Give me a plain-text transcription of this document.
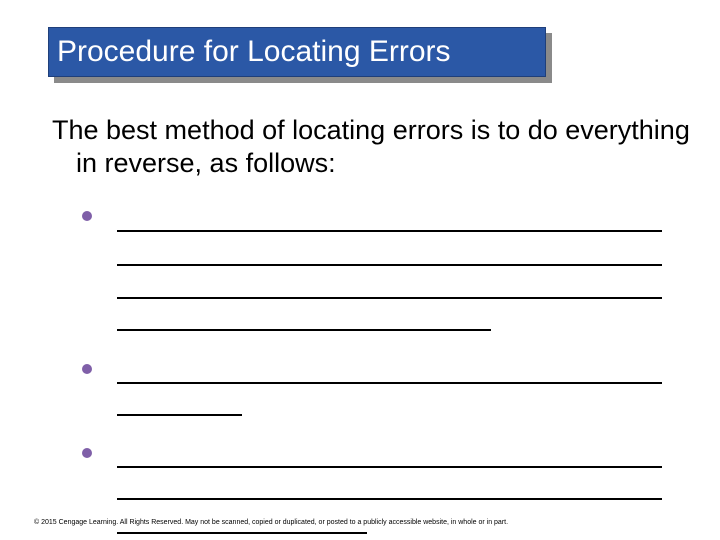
Procedure for Locating Errors
The best method of locating errors is to do everything in reverse, as follows:
© 2015 Cengage Learning. All Rights Reserved. May not be scanned, copied or duplicated, or posted to a publicly accessible website, in whole or in part.
